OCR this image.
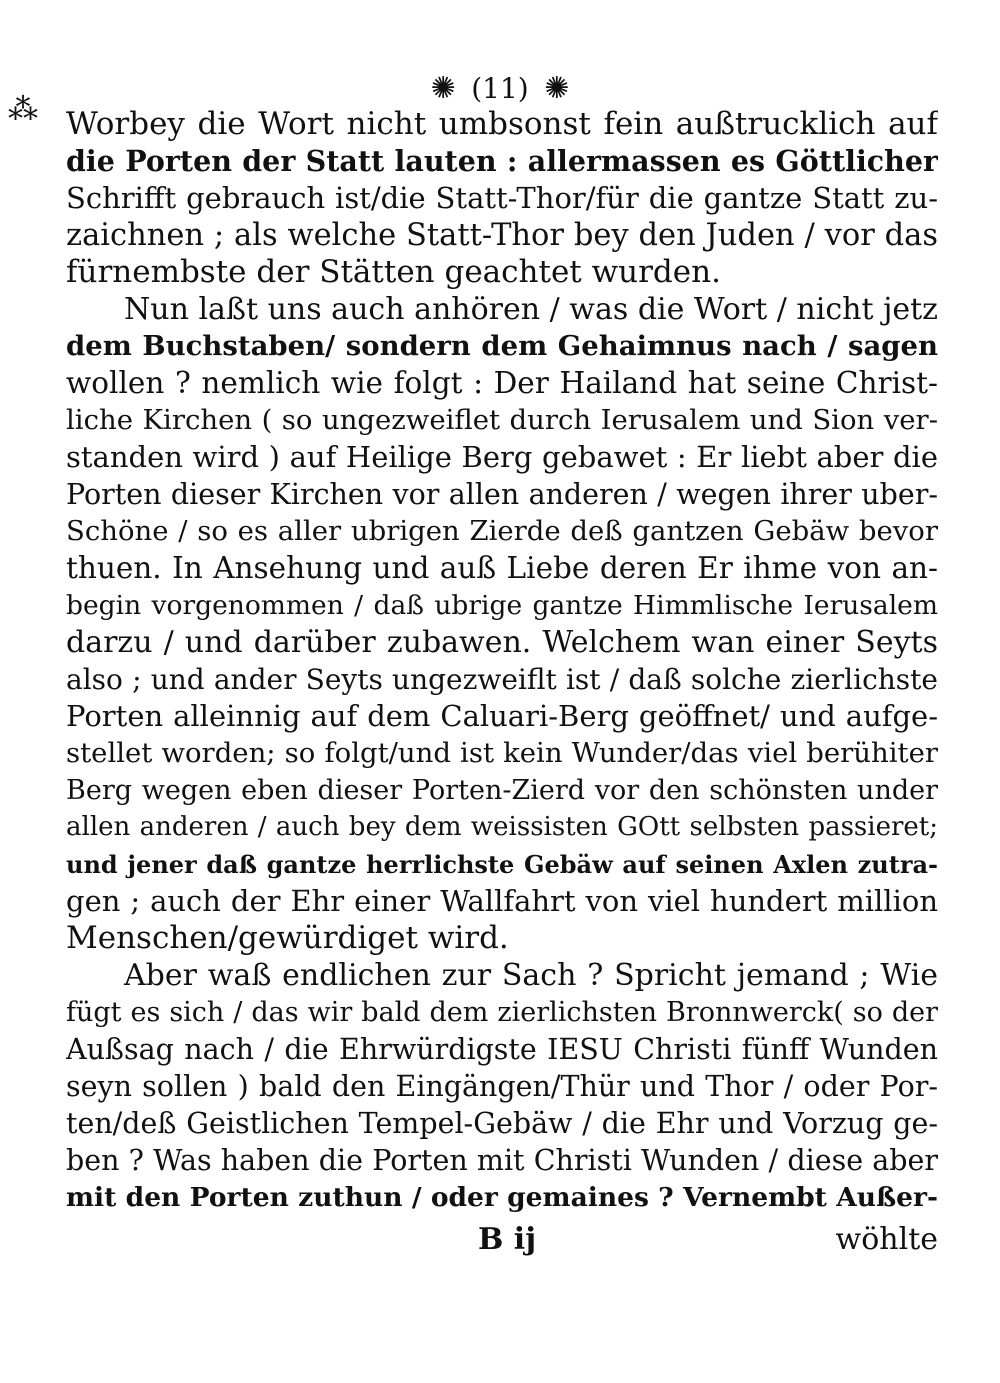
⁂
✺ (11) ✺
Worbey die Wort nicht umbsonst fein außtrucklich auf
die Porten der Statt lauten : allermassen es Göttlicher
Schrifft gebrauch ist/die Statt-Thor/für die gantze Statt zu-
zaichnen ; als welche Statt-Thor bey den Juden / vor das
fürnembste der Stätten geachtet wurden.
Nun laßt uns auch anhören / was die Wort / nicht jetz
dem Buchstaben/ sondern dem Gehaimnus nach / sagen
wollen ? nemlich wie folgt : Der Hailand hat seine Christ-
liche Kirchen ( so ungezweiflet durch Ierusalem und Sion ver-
standen wird ) auf Heilige Berg gebawet : Er liebt aber die
Porten dieser Kirchen vor allen anderen / wegen ihrer uber-
Schöne / so es aller ubrigen Zierde deß gantzen Gebäw bevor
thuen. In Ansehung und auß Liebe deren Er ihme von an-
begin vorgenommen / daß ubrige gantze Himmlische Ierusalem
darzu / und darüber zubawen. Welchem wan einer Seyts
also ; und ander Seyts ungezweiflt ist / daß solche zierlichste
Porten alleinnig auf dem Caluari-Berg geöffnet/ und aufge-
stellet worden; so folgt/und ist kein Wunder/das viel berühiter
Berg wegen eben dieser Porten-Zierd vor den schönsten under
allen anderen / auch bey dem weissisten GOtt selbsten passieret;
und jener daß gantze herrlichste Gebäw auf seinen Axlen zutra-
gen ; auch der Ehr einer Wallfahrt von viel hundert million
Menschen/gewürdiget wird.
Aber waß endlichen zur Sach ? Spricht jemand ; Wie
fügt es sich / das wir bald dem zierlichsten Bronnwerck( so der
Außsag nach / die Ehrwürdigste IESU Christi fünff Wunden
seyn sollen ) bald den Eingängen/Thür und Thor / oder Por-
ten/deß Geistlichen Tempel-Gebäw / die Ehr und Vorzug ge-
ben ? Was haben die Porten mit Christi Wunden / diese aber
mit den Porten zuthun / oder gemaines ? Vernembt Außer-
B ij	wöhlte
